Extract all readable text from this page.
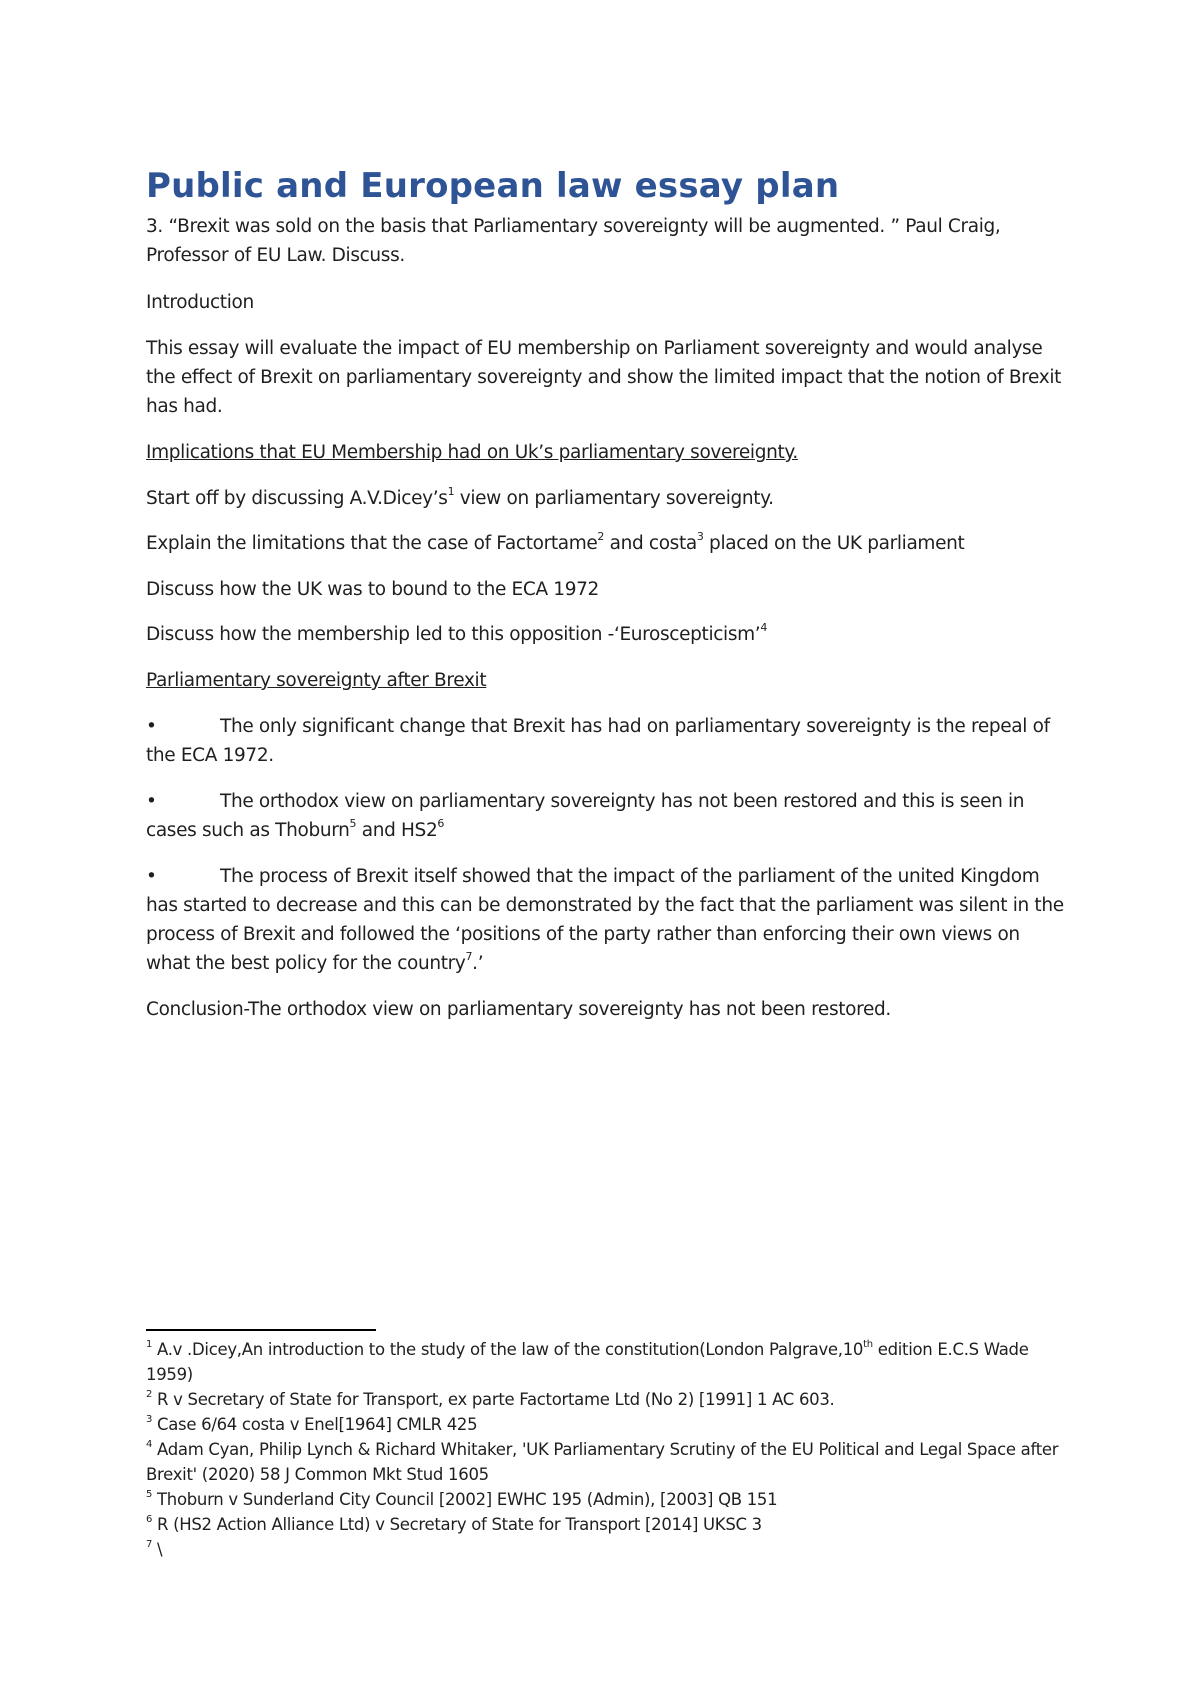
Public and European law essay plan

3. “Brexit was sold on the basis that Parliamentary sovereignty will be augmented. ” Paul Craig, Professor of EU Law. Discuss.

Introduction

This essay will evaluate the impact of EU membership on Parliament sovereignty and would analyse the effect of Brexit on parliamentary sovereignty and show the limited impact that the notion of Brexit has had.

Implications that EU Membership had on Uk’s parliamentary sovereignty.

Start off by discussing $A.V.Dicey’s^1$ view on parliamentary sovereignty.

Explain the limitations that the case of Factortame$^2$ and costa$^3$ placed on the UK parliament

Discuss how the UK was to bound to the ECA 1972

Discuss how the membership led to this opposition -‘Euroscepticism’$^4$

Parliamentary sovereignty after Brexit

•	The only significant change that Brexit has had on parliamentary sovereignty is the repeal of the ECA 1972.

•	The orthodox view on parliamentary sovereignty has not been restored and this is seen in cases such as Thoburn$^5$ and $HS2^6$

•	The process of Brexit itself showed that the impact of the parliament of the united Kingdom has started to decrease and this can be demonstrated by the fact that the parliament was silent in the process of Brexit and followed the ‘positions of the party rather than enforcing their own views on what the best policy for the country$^7$.’

Conclusion-The orthodox view on parliamentary sovereignty has not been restored.

$^1$ A.v .Dicey,An introduction to the study of the law of the constitution(London Palgrave,10th edition E.C.S Wade 1959)
$^2$ R v Secretary of State for Transport, ex parte Factortame Ltd (No 2) [1991] 1 AC 603.
$^3$ Case 6/64 costa v Enel[1964] CMLR 425
$^4$ Adam Cyan, Philip Lynch & Richard Whitaker, 'UK Parliamentary Scrutiny of the EU Political and Legal Space after Brexit' (2020) 58 J Common Mkt Stud 1605
$^5$ Thoburn v Sunderland City Council [2002] EWHC 195 (Admin), [2003] QB 151
$^6$ R (HS2 Action Alliance Ltd) v Secretary of State for Transport [2014] UKSC 3
$^7$ \
